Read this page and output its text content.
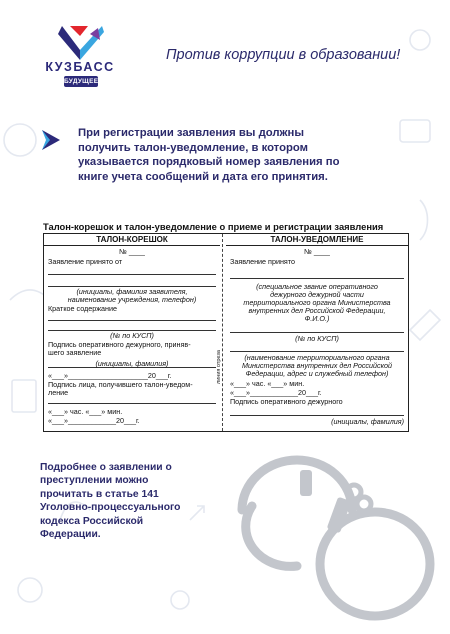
КУЗБАСС
БУДУЩЕЕ
Против коррупции в образовании!
При регистрации заявления вы должны получить талон-уведомление, в котором указывается порядковый номер заявления по книге учета сообщений и дата его принятия.
Талон-корешок и талон-уведомление о приеме и регистрации заявления
ТАЛОН-КОРЕШОК
№ ____
Заявление принято от
(инициалы, фамилия заявителя,
наименование учреждения, телефон)
Краткое содержание
(№ по КУСП)
Подпись оперативного дежурного, приняв-
шего заявление
(инициалы, фамилия)
«___»____________________20___г.
Подпись лица, получившего талон-уведом-
ление
«___» час. «___» мин.
«___»____________20___г.
линия отреза
ТАЛОН-УВЕДОМЛЕНИЕ
№ ____
Заявление принято
(специальное звание оперативного
дежурного дежурной части
территориального органа Министерства
внутренних дел Российской Федерации,
Ф.И.О.)
(№ по КУСП)
(наименование территориального органа
Министерства внутренних дел Российской
Федерации, адрес и служебный телефон)
«___» час. «___» мин.
«___»____________20___г.
Подпись оперативного дежурного
(инициалы, фамилия)
Подробнее о заявлении о преступлении можно прочитать в статье 141 Уголовно-процессуального кодекса Российской Федерации.
